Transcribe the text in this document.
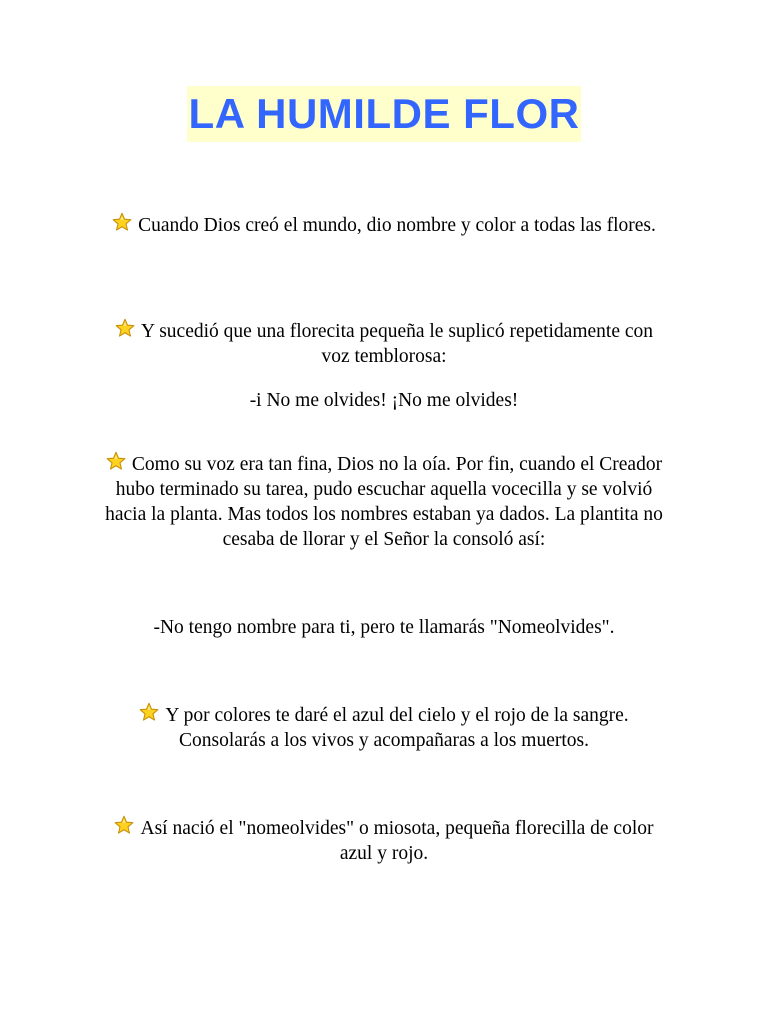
LA HUMILDE FLOR
Cuando Dios creó el mundo, dio nombre y color a todas las flores.
Y sucedió que una florecita pequeña le suplicó repetidamente con voz temblorosa:
-i No me olvides! ¡No me olvides!
Como su voz era tan fina, Dios no la oía. Por fin, cuando el Creador hubo terminado su tarea, pudo escuchar aquella vocecilla y se volvió hacia la planta. Mas todos los nombres estaban ya dados. La plantita no cesaba de llorar y el Señor la consoló así:
-No tengo nombre para ti, pero te llamarás "Nomeolvides".
Y por colores te daré el azul del cielo y el rojo de la sangre. Consolarás a los vivos y acompañaras a los muertos.
Así nació el "nomeolvides" o miosota, pequeña florecilla de color azul y rojo.
